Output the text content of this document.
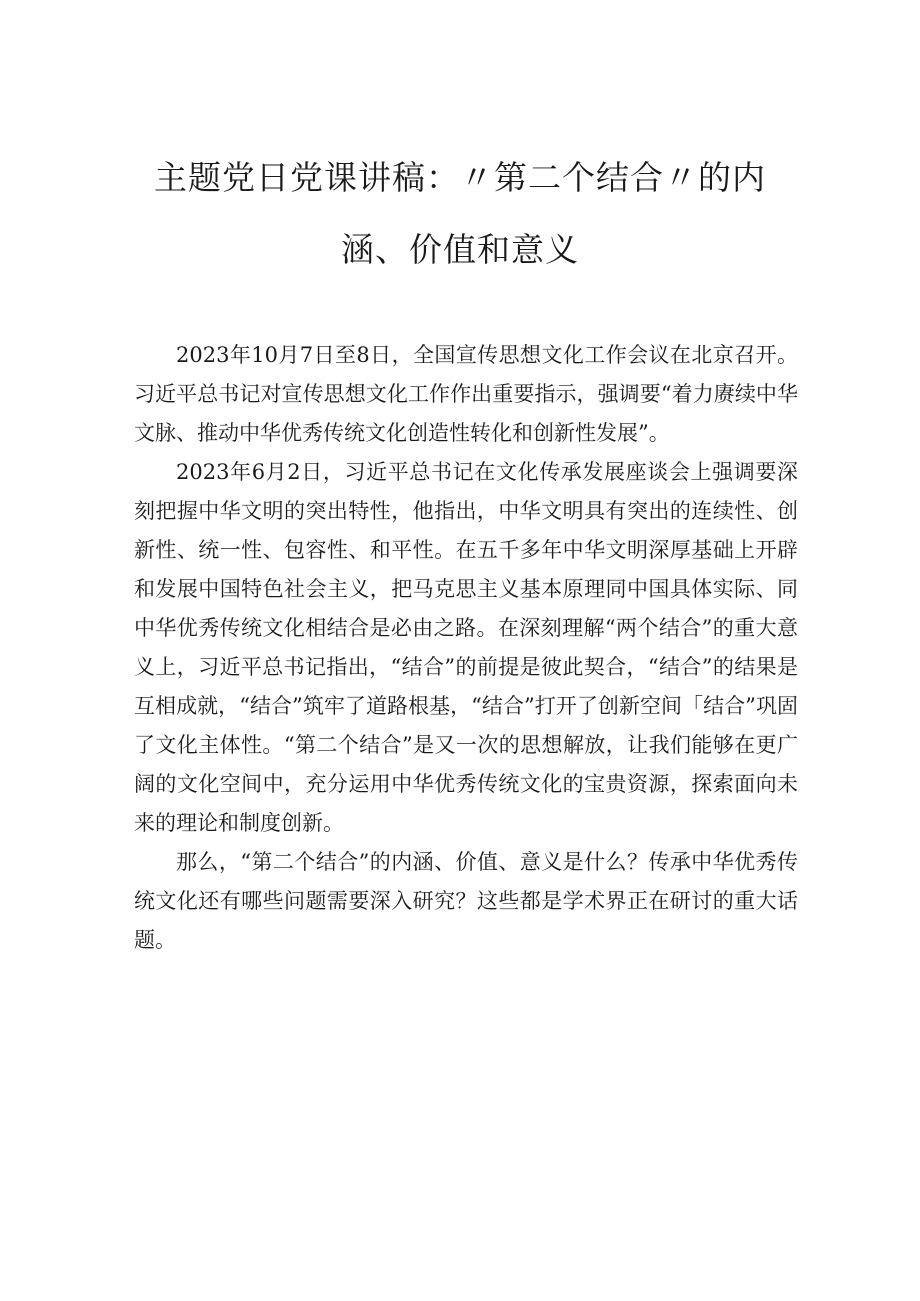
主题党日党课讲稿：〃第二个结合〃的内
涵、价值和意义

2023年10月7日至8日，全国宣传思想文化工作会议在北京召开。习近平总书记对宣传思想文化工作作出重要指示，强调要“着力赓续中华文脉、推动中华优秀传统文化创造性转化和创新性发展”。

2023年6月2日，习近平总书记在文化传承发展座谈会上强调要深刻把握中华文明的突出特性，他指出，中华文明具有突出的连续性、创新性、统一性、包容性、和平性。在五千多年中华文明深厚基础上开辟和发展中国特色社会主义，把马克思主义基本原理同中国具体实际、同中华优秀传统文化相结合是必由之路。在深刻理解“两个结合”的重大意义上，习近平总书记指出，“结合”的前提是彼此契合，“结合”的结果是互相成就，“结合”筑牢了道路根基，“结合”打开了创新空间「结合”巩固了文化主体性。“第二个结合”是又一次的思想解放，让我们能够在更广阔的文化空间中，充分运用中华优秀传统文化的宝贵资源，探索面向未来的理论和制度创新。

那么，“第二个结合”的内涵、价值、意义是什么？传承中华优秀传统文化还有哪些问题需要深入研究？这些都是学术界正在研讨的重大话题。
